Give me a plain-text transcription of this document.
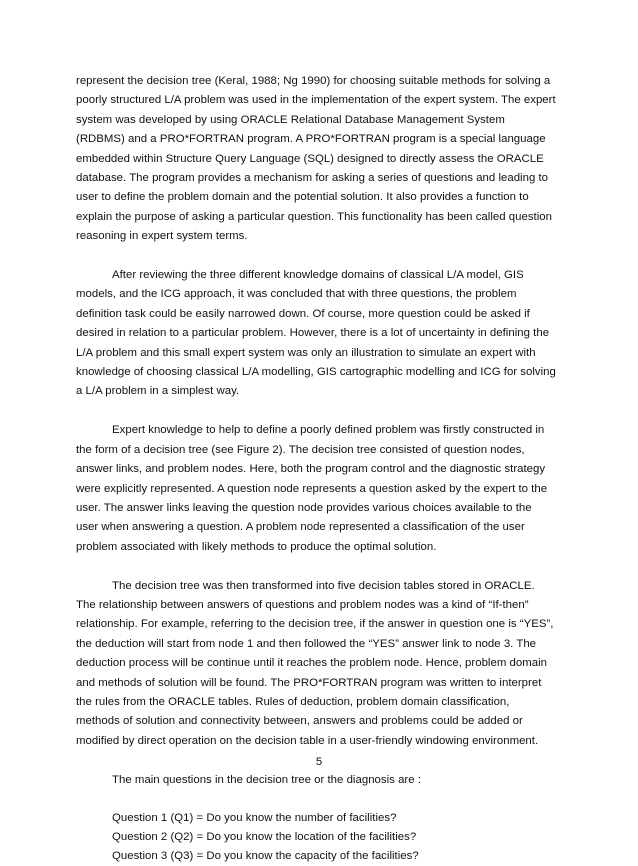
represent the decision tree (Keral, 1988; Ng 1990) for choosing suitable methods for solving a poorly structured L/A problem was used in the implementation of the expert system. The expert system was developed by using ORACLE Relational Database Management System (RDBMS) and a PRO*FORTRAN program. A PRO*FORTRAN program is a special language embedded within Structure Query Language (SQL) designed to directly assess the ORACLE database. The program provides a mechanism for asking a series of questions and leading to user to define the problem domain and the potential solution. It also provides a function to explain the purpose of asking a particular question. This functionality has been called question reasoning in expert system terms.

After reviewing the three different knowledge domains of classical L/A model, GIS models, and the ICG approach, it was concluded that with three questions, the problem definition task could be easily narrowed down. Of course, more question could be asked if desired in relation to a particular problem. However, there is a lot of uncertainty in defining the L/A problem and this small expert system was only an illustration to simulate an expert with knowledge of choosing classical L/A modelling, GIS cartographic modelling and ICG for solving a L/A problem in a simplest way.

Expert knowledge to help to define a poorly defined problem was firstly constructed in the form of a decision tree (see Figure 2). The decision tree consisted of question nodes, answer links, and problem nodes. Here, both the program control and the diagnostic strategy were explicitly represented. A question node represents a question asked by the expert to the user. The answer links leaving the question node provides various choices available to the user when answering a question. A problem node represented a classification of the user problem associated with likely methods to produce the optimal solution.

The decision tree was then transformed into five decision tables stored in ORACLE. The relationship between answers of questions and problem nodes was a kind of “If-then” relationship. For example, referring to the decision tree, if the answer in question one is “YES”, the deduction will start from node 1 and then followed the “YES” answer link to node 3. The deduction process will be continue until it reaches the problem node. Hence, problem domain and methods of solution will be found. The PRO*FORTRAN program was written to interpret the rules from the ORACLE tables. Rules of deduction, problem domain classification, methods of solution and connectivity between, answers and problems could be added or modified by direct operation on the decision table in a user-friendly windowing environment.

The main questions in the decision tree or the diagnosis are :

Question 1 (Q1) = Do you know the number of facilities?

Question 2 (Q2) = Do you know the location of the facilities?

Question 3 (Q3) = Do you know the capacity of the facilities?

5
